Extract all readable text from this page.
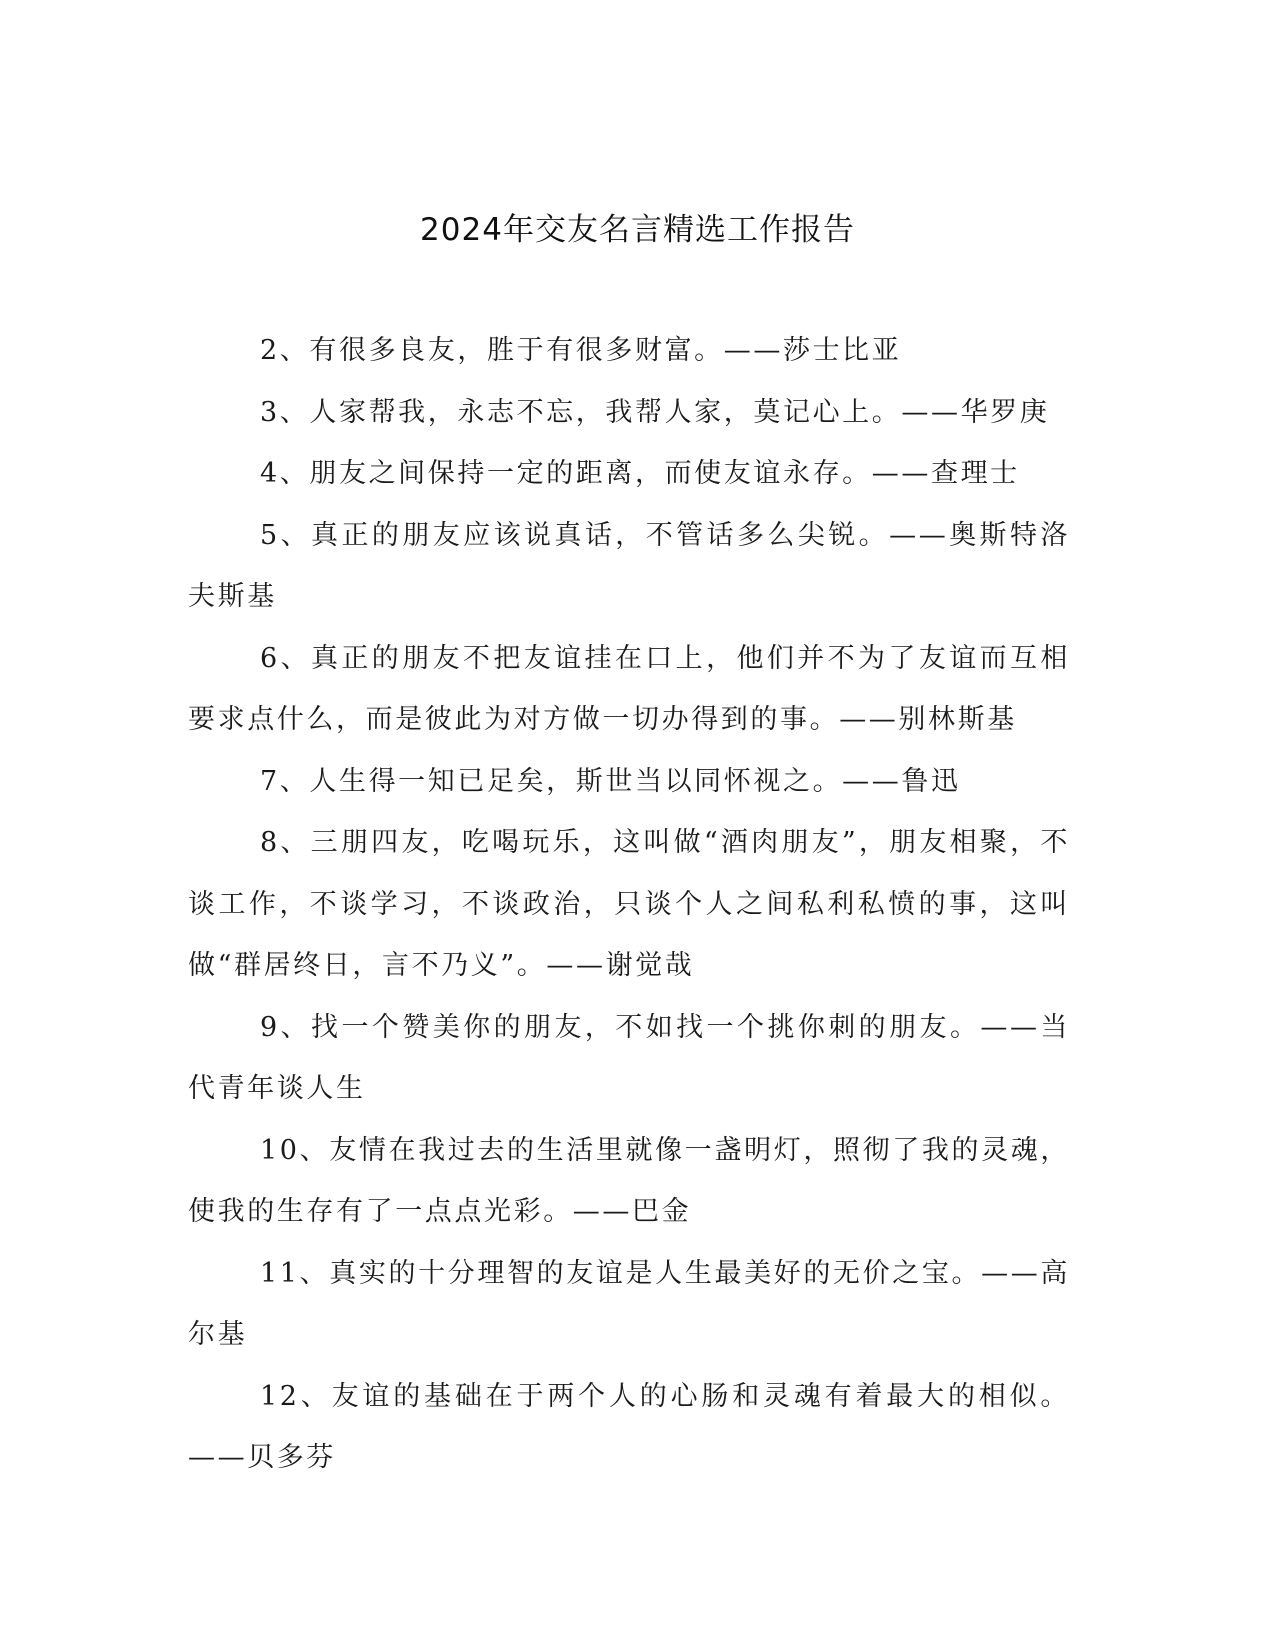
2024年交友名言精选工作报告

2、有很多良友，胜于有很多财富。——莎士比亚

3、人家帮我，永志不忘，我帮人家，莫记心上。——华罗庚

4、朋友之间保持一定的距离，而使友谊永存。——查理士

5、真正的朋友应该说真话，不管话多么尖锐。——奥斯特洛夫斯基

6、真正的朋友不把友谊挂在口上，他们并不为了友谊而互相要求点什么，而是彼此为对方做一切办得到的事。——别林斯基

7、人生得一知已足矣，斯世当以同怀视之。——鲁迅

8、三朋四友，吃喝玩乐，这叫做“酒肉朋友”，朋友相聚，不谈工作，不谈学习，不谈政治，只谈个人之间私利私愤的事，这叫做“群居终日，言不乃义”。——谢觉哉

9、找一个赞美你的朋友，不如找一个挑你刺的朋友。——当代青年谈人生

10、友情在我过去的生活里就像一盏明灯，照彻了我的灵魂，使我的生存有了一点点光彩。——巴金

11、真实的十分理智的友谊是人生最美好的无价之宝。——高尔基

12、友谊的基础在于两个人的心肠和灵魂有着最大的相似。——贝多芬
